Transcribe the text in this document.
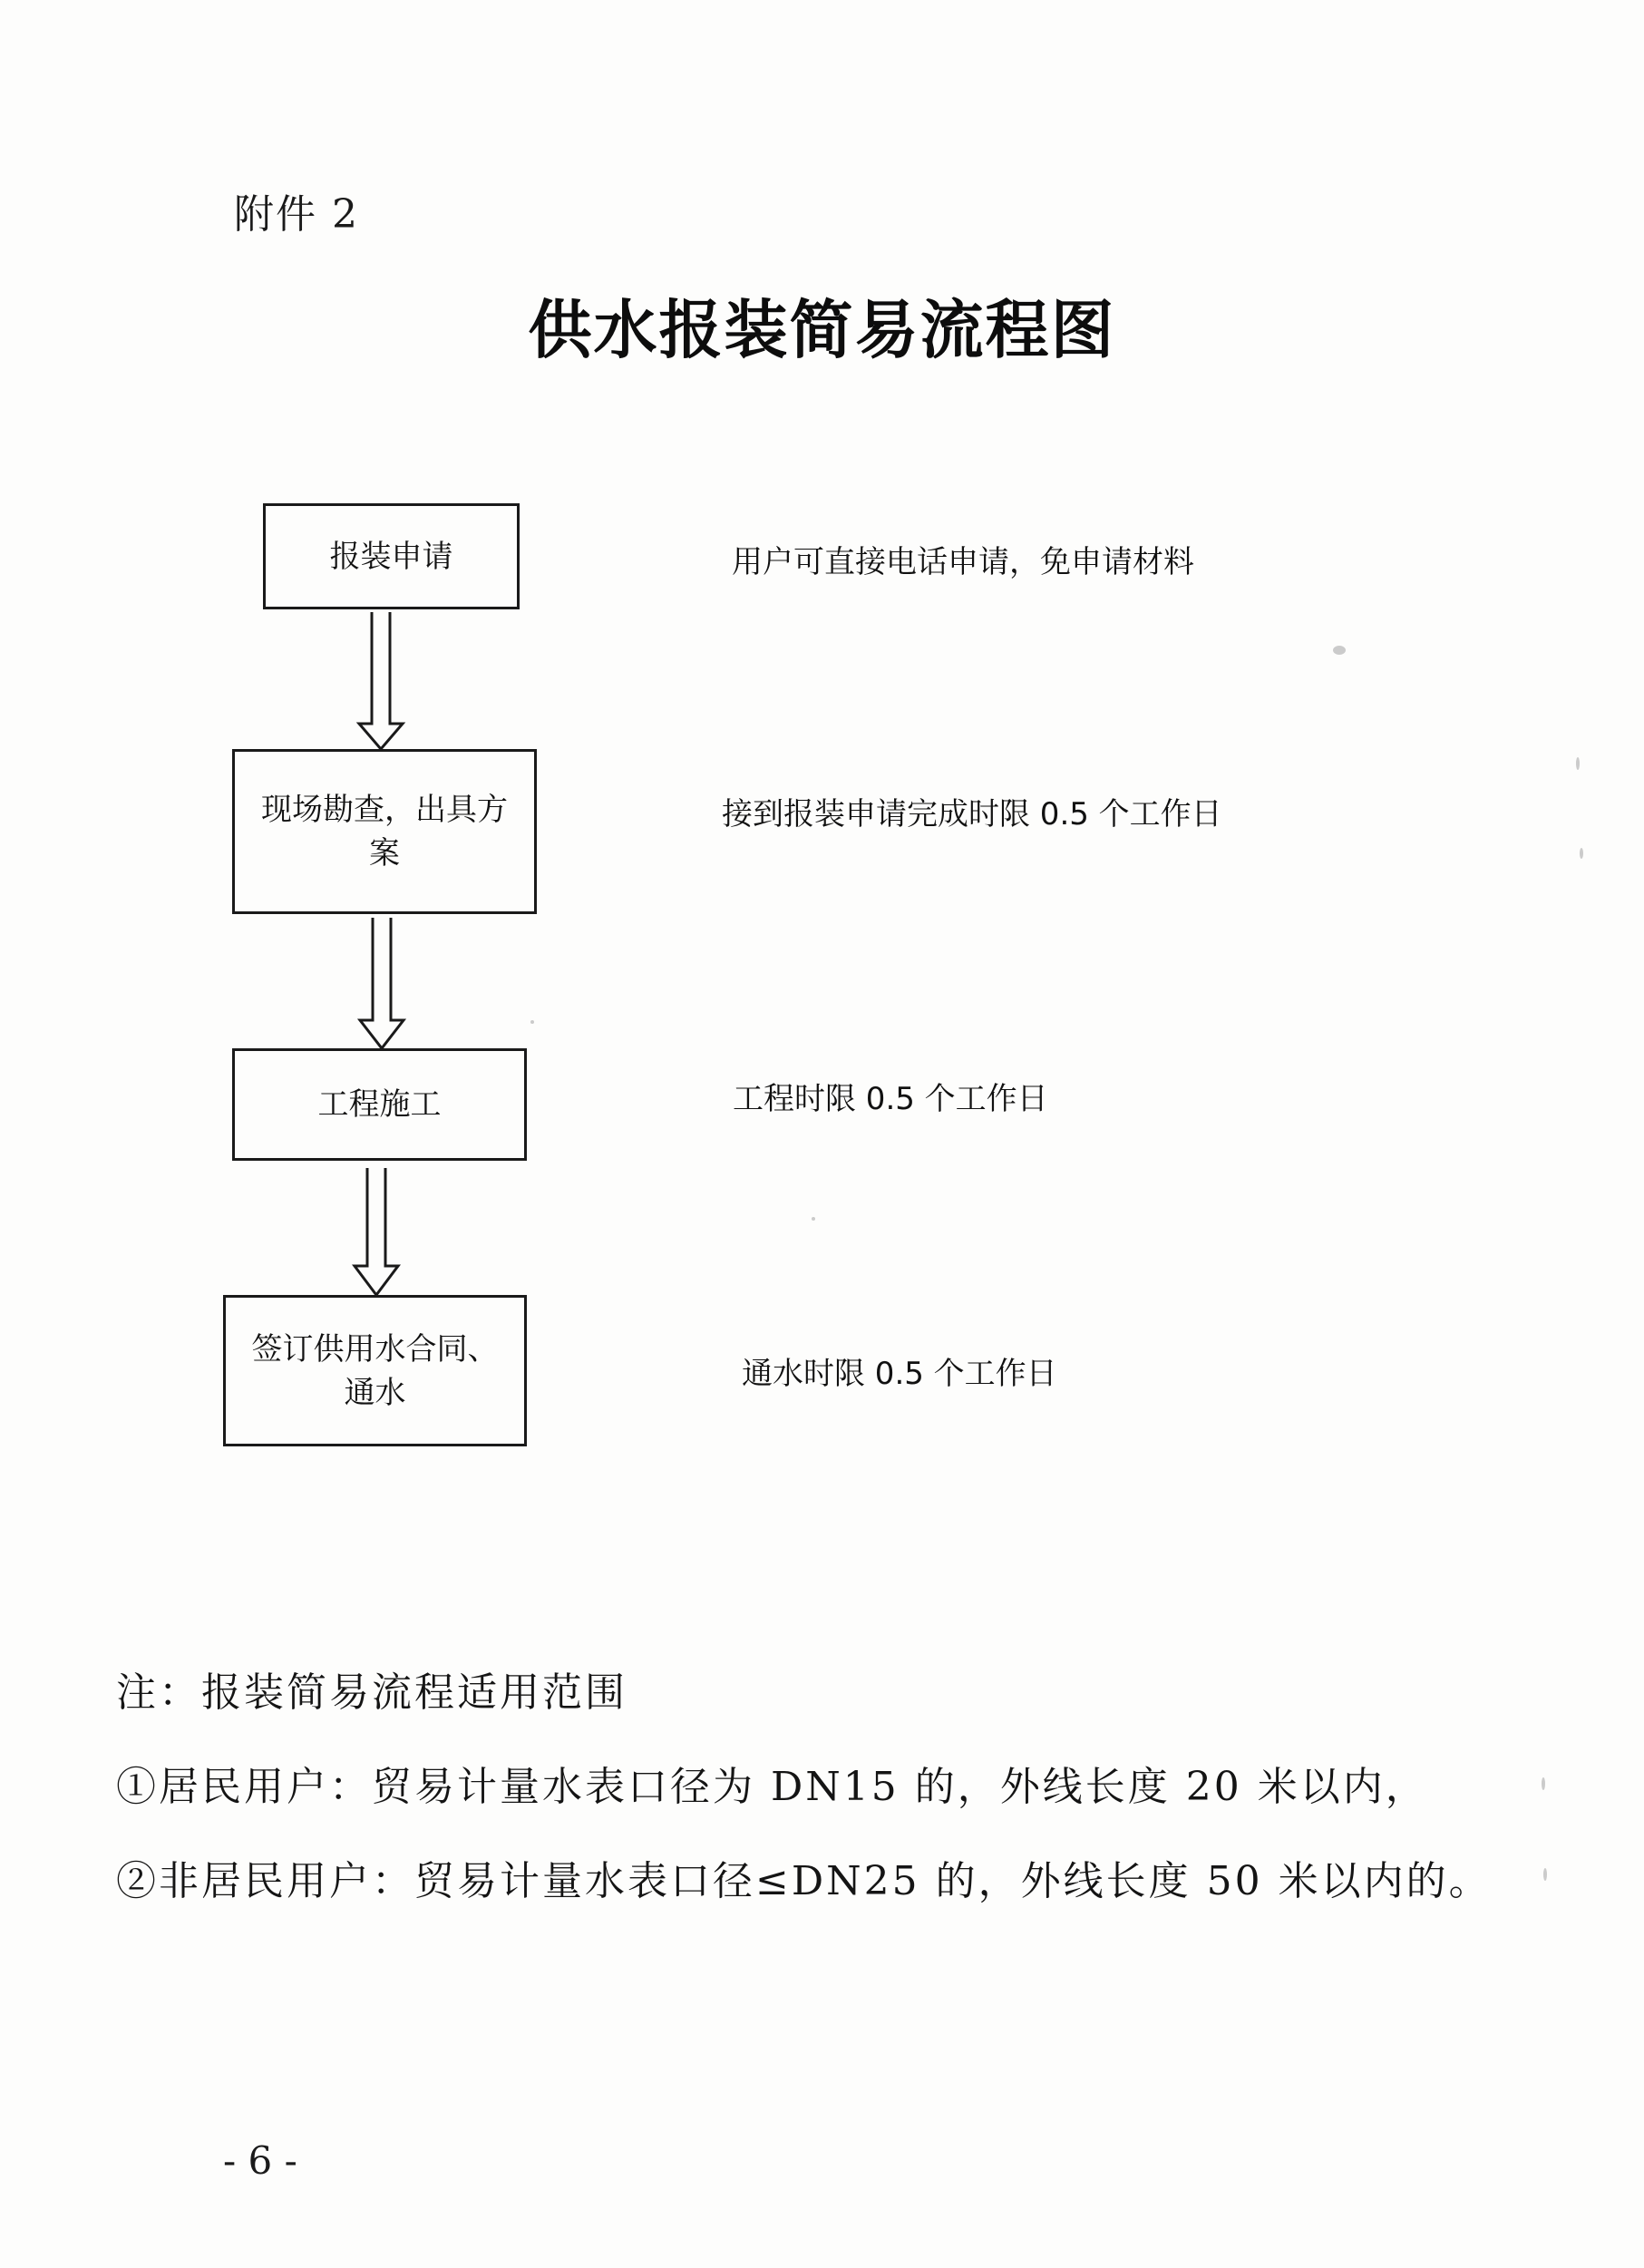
附件 2
供水报装简易流程图
报装申请	用户可直接电话申请，免申请材料
现场勘查，出具方
案
接到报装申请完成时限 0.5 个工作日
工程施工	工程时限 0.5 个工作日
签订供用水合同、
通水
通水时限 0.5 个工作日
注：报装简易流程适用范围
①居民用户：贸易计量水表口径为 DN15 的，外线长度 20 米以内，
②非居民用户：贸易计量水表口径≤DN25 的，外线长度 50 米以内的。
- 6 -
